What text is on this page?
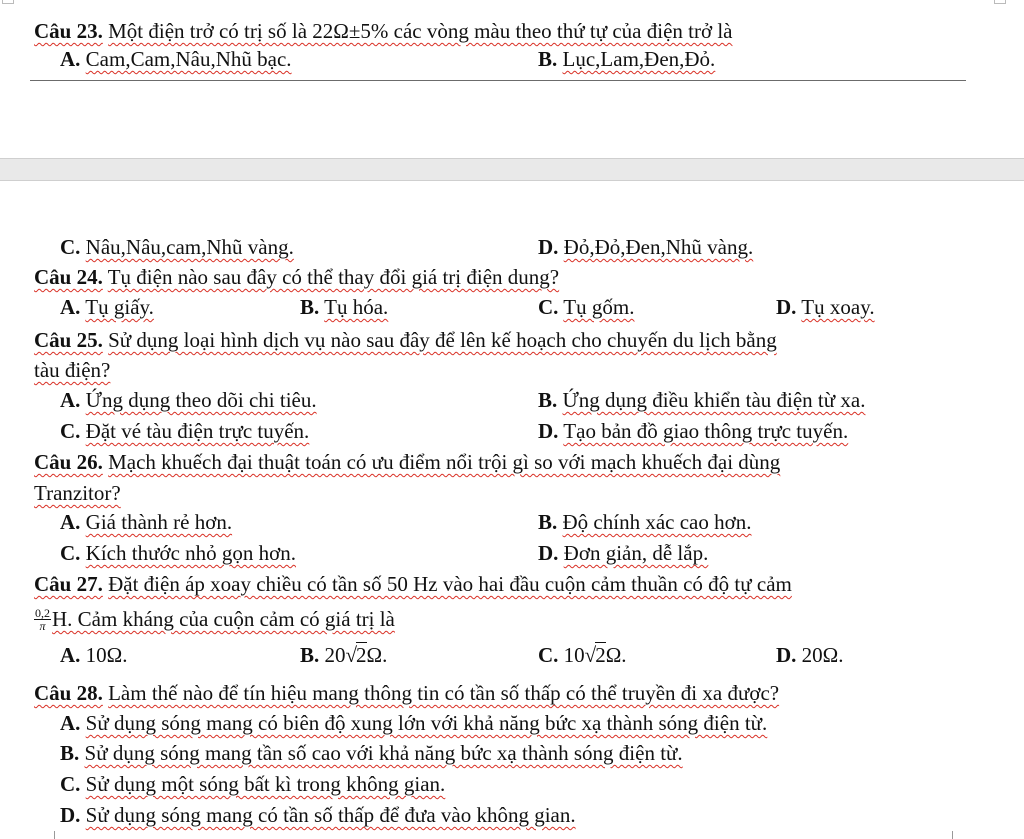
Câu 23. Một điện trở có trị số là 22Ω±5% các vòng màu theo thứ tự của điện trở là
A. Cam,Cam,Nâu,Nhũ bạc.	B. Lục,Lam,Đen,Đỏ.
C. Nâu,Nâu,cam,Nhũ vàng.	D. Đỏ,Đỏ,Đen,Nhũ vàng.
Câu 24. Tụ điện nào sau đây có thể thay đổi giá trị điện dung?
A. Tụ giấy.	B. Tụ hóa.	C. Tụ gốm.	D. Tụ xoay.
Câu 25. Sử dụng loại hình dịch vụ nào sau đây để lên kế hoạch cho chuyến du lịch bằng
tàu điện?
A. Ứng dụng theo dõi chi tiêu.	B. Ứng dụng điều khiển tàu điện từ xa.
C. Đặt vé tàu điện trực tuyến.	D. Tạo bản đồ giao thông trực tuyến.
Câu 26. Mạch khuếch đại thuật toán có ưu điểm nổi trội gì so với mạch khuếch đại dùng
Tranzitor?
A. Giá thành rẻ hơn.	B. Độ chính xác cao hơn.
C. Kích thước nhỏ gọn hơn.	D. Đơn giản, dễ lắp.
Câu 27. Đặt điện áp xoay chiều có tần số 50 Hz vào hai đầu cuộn cảm thuần có độ tự cảm
$\frac{0,2}{\pi} H$. Cảm kháng của cuộn cảm có giá trị là
A. 10Ω.	B. 20√2Ω.	C. 10√2Ω.	D. 20Ω.
Câu 28. Làm thế nào để tín hiệu mang thông tin có tần số thấp có thể truyền đi xa được?
A. Sử dụng sóng mang có biên độ xung lớn với khả năng bức xạ thành sóng điện từ.
B. Sử dụng sóng mang tần số cao với khả năng bức xạ thành sóng điện từ.
C. Sử dụng một sóng bất kì trong không gian.
D. Sử dụng sóng mang có tần số thấp để đưa vào không gian.
